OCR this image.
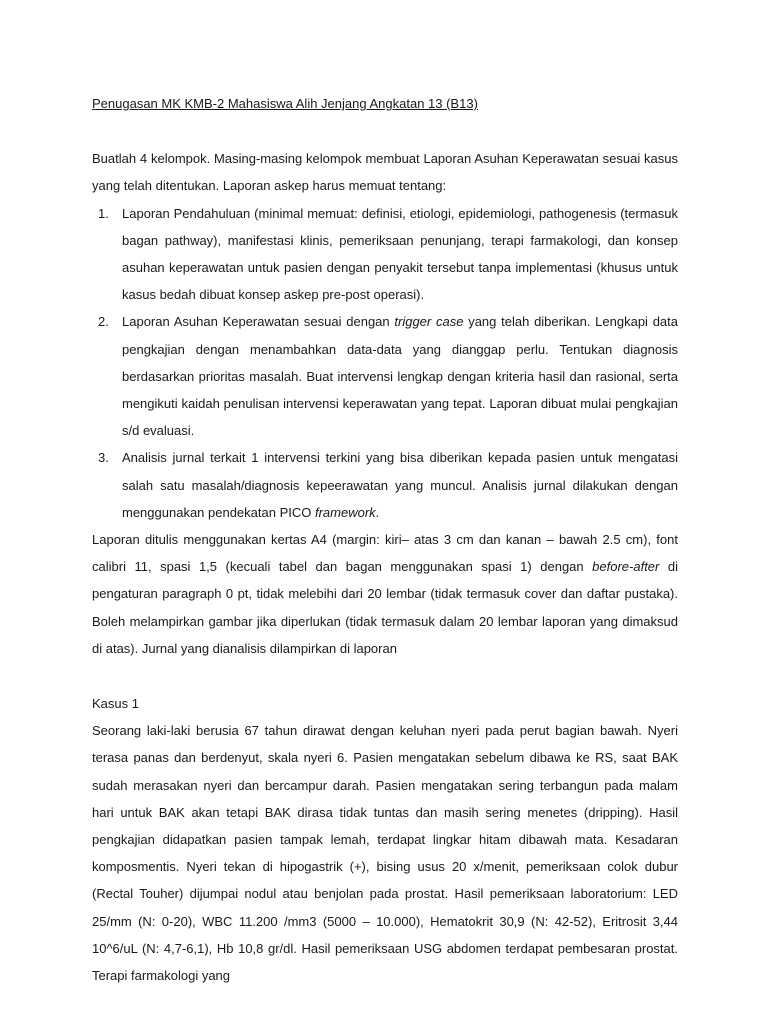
Penugasan MK KMB-2 Mahasiswa Alih Jenjang Angkatan 13 (B13)

Buatlah 4 kelompok. Masing-masing kelompok membuat Laporan Asuhan Keperawatan sesuai kasus yang telah ditentukan. Laporan askep harus memuat tentang:

1. Laporan Pendahuluan (minimal memuat: definisi, etiologi, epidemiologi, pathogenesis (termasuk bagan pathway), manifestasi klinis, pemeriksaan penunjang, terapi farmakologi, dan konsep asuhan keperawatan untuk pasien dengan penyakit tersebut tanpa implementasi (khusus untuk kasus bedah dibuat konsep askep pre-post operasi).
2. Laporan Asuhan Keperawatan sesuai dengan trigger case yang telah diberikan. Lengkapi data pengkajian dengan menambahkan data-data yang dianggap perlu. Tentukan diagnosis berdasarkan prioritas masalah. Buat intervensi lengkap dengan kriteria hasil dan rasional, serta mengikuti kaidah penulisan intervensi keperawatan yang tepat. Laporan dibuat mulai pengkajian s/d evaluasi.
3. Analisis jurnal terkait 1 intervensi terkini yang bisa diberikan kepada pasien untuk mengatasi salah satu masalah/diagnosis kepeerawatan yang muncul. Analisis jurnal dilakukan dengan menggunakan pendekatan PICO framework.

Laporan ditulis menggunakan kertas A4 (margin: kiri– atas 3 cm dan kanan – bawah 2.5 cm), font calibri 11, spasi 1,5 (kecuali tabel dan bagan menggunakan spasi 1) dengan before-after di pengaturan paragraph 0 pt, tidak melebihi dari 20 lembar (tidak termasuk cover dan daftar pustaka). Boleh melampirkan gambar jika diperlukan (tidak termasuk dalam 20 lembar laporan yang dimaksud di atas). Jurnal yang dianalisis dilampirkan di laporan

Kasus 1

Seorang laki-laki berusia 67 tahun dirawat dengan keluhan nyeri pada perut bagian bawah. Nyeri terasa panas dan berdenyut, skala nyeri 6. Pasien mengatakan sebelum dibawa ke RS, saat BAK sudah merasakan nyeri dan bercampur darah. Pasien mengatakan sering terbangun pada malam hari untuk BAK akan tetapi BAK dirasa tidak tuntas dan masih sering menetes (dripping). Hasil pengkajian didapatkan pasien tampak lemah, terdapat lingkar hitam dibawah mata. Kesadaran komposmentis. Nyeri tekan di hipogastrik (+), bising usus 20 x/menit, pemeriksaan colok dubur (Rectal Touher) dijumpai nodul atau benjolan pada prostat. Hasil pemeriksaan laboratorium: LED 25/mm (N: 0-20), WBC 11.200 /mm3 (5000 – 10.000), Hematokrit 30,9 (N: 42-52), Eritrosit 3,44 10^6/uL (N: 4,7-6,1), Hb 10,8 gr/dl. Hasil pemeriksaan USG abdomen terdapat pembesaran prostat. Terapi farmakologi yang
